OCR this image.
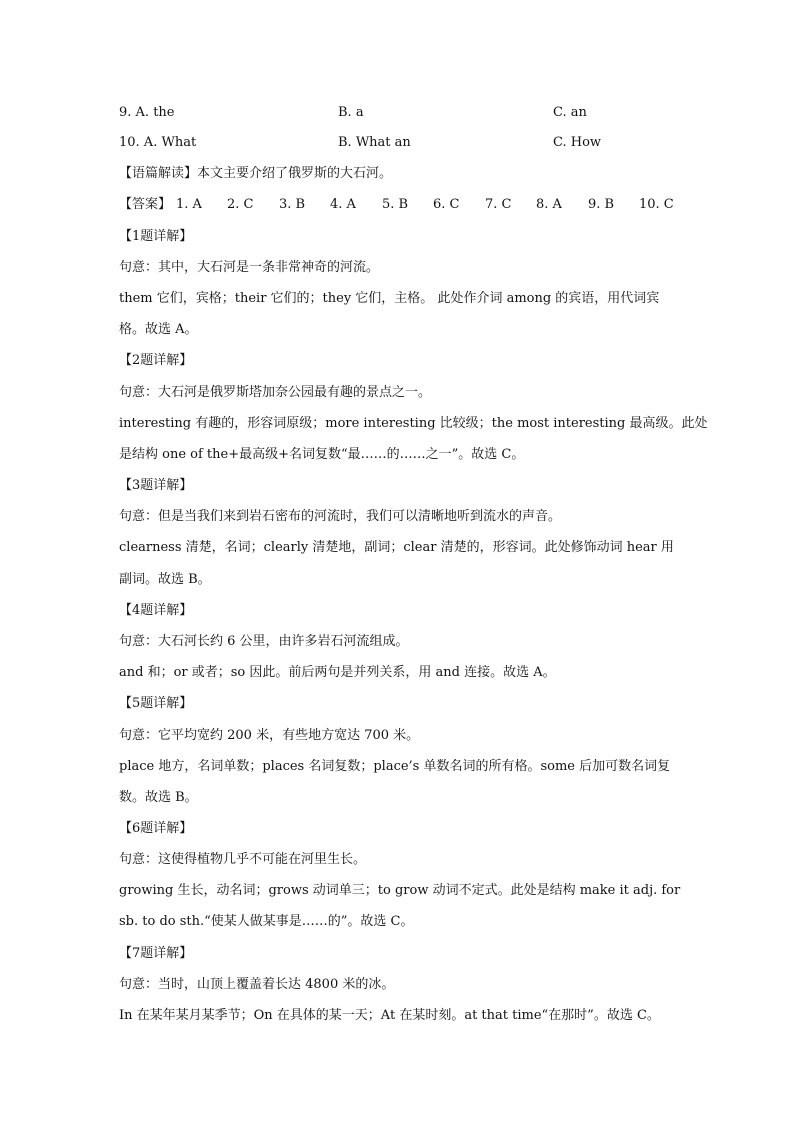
9. A. the	B. a	C. an
10. A. What	B. What an	C. How
【语篇解读】本文主要介绍了俄罗斯的大石河。
【答案】 1. A 2. C 3. B 4. A 5. B 6. C 7. C 8. A 9. B 10. C
【1题详解】
句意：其中，大石河是一条非常神奇的河流。
them 它们，宾格；their 它们的；they 它们，主格。 此处作介词 among 的宾语，用代词宾
格。故选 A。
【2题详解】
句意：大石河是俄罗斯塔加奈公园最有趣的景点之一。
interesting 有趣的，形容词原级；more interesting 比较级；the most interesting 最高级。此处
是结构 one of the+最高级+名词复数“最……的……之一”。故选 C。
【3题详解】
句意：但是当我们来到岩石密布的河流时，我们可以清晰地听到流水的声音。
clearness 清楚，名词；clearly 清楚地，副词；clear 清楚的，形容词。此处修饰动词 hear 用
副词。故选 B。
【4题详解】
句意：大石河长约 6 公里，由许多岩石河流组成。
and 和；or 或者；so 因此。前后两句是并列关系，用 and 连接。故选 A。
【5题详解】
句意：它平均宽约 200 米，有些地方宽达 700 米。
place 地方，名词单数；places 名词复数；place’s 单数名词的所有格。some 后加可数名词复
数。故选 B。
【6题详解】
句意：这使得植物几乎不可能在河里生长。
growing 生长，动名词；grows 动词单三；to grow 动词不定式。此处是结构 make it adj. for
sb. to do sth.“使某人做某事是……的”。故选 C。
【7题详解】
句意：当时，山顶上覆盖着长达 4800 米的冰。
In 在某年某月某季节；On 在具体的某一天；At 在某时刻。at that time“在那时”。故选 C。
